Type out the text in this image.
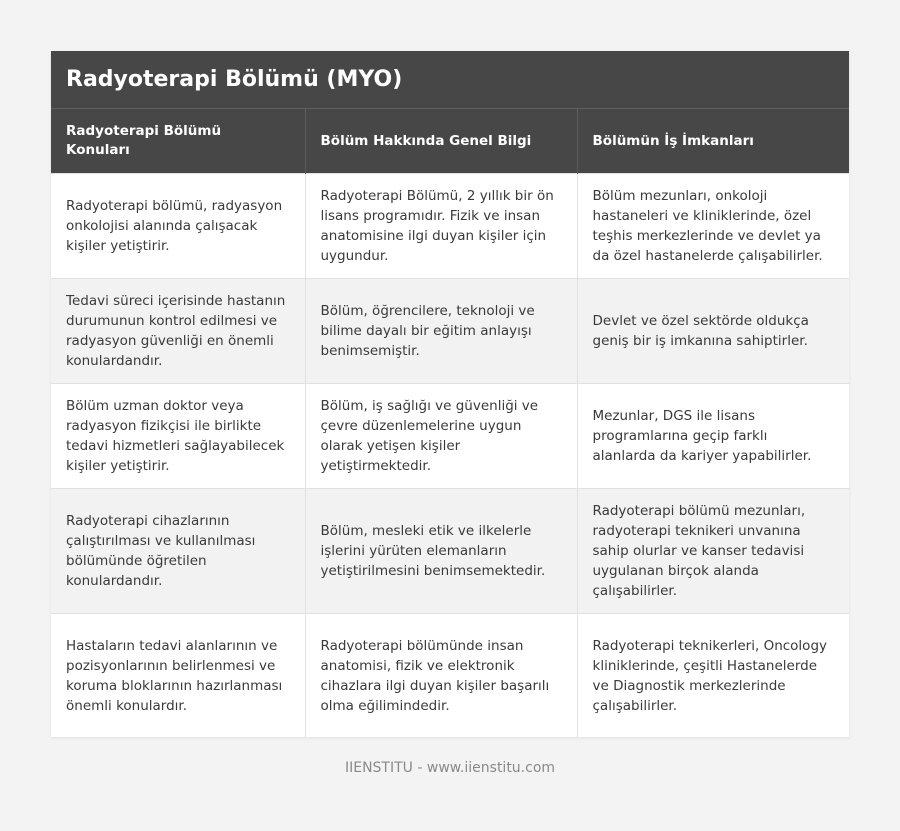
Radyoterapi Bölümü (MYO)
Radyoterapi Bölümü Konuları	Bölüm Hakkında Genel Bilgi	Bölümün İş İmkanları
Radyoterapi bölümü, radyasyon onkolojisi alanında çalışacak kişiler yetiştirir.	Radyoterapi Bölümü, 2 yıllık bir ön lisans programıdır. Fizik ve insan anatomisine ilgi duyan kişiler için uygundur.	Bölüm mezunları, onkoloji hastaneleri ve kliniklerinde, özel teşhis merkezlerinde ve devlet ya da özel hastanelerde çalışabilirler.
Tedavi süreci içerisinde hastanın durumunun kontrol edilmesi ve radyasyon güvenliği en önemli konulardandır.	Bölüm, öğrencilere, teknoloji ve bilime dayalı bir eğitim anlayışı benimsemiştir.	Devlet ve özel sektörde oldukça geniş bir iş imkanına sahiptirler.
Bölüm uzman doktor veya radyasyon fizikçisi ile birlikte tedavi hizmetleri sağlayabilecek kişiler yetiştirir.	Bölüm, iş sağlığı ve güvenliği ve çevre düzenlemelerine uygun olarak yetişen kişiler yetiştirmektedir.	Mezunlar, DGS ile lisans programlarına geçip farklı alanlarda da kariyer yapabilirler.
Radyoterapi cihazlarının çalıştırılması ve kullanılması bölümünde öğretilen konulardandır.	Bölüm, mesleki etik ve ilkelerle işlerini yürüten elemanların yetiştirilmesini benimsemektedir.	Radyoterapi bölümü mezunları, radyoterapi teknikeri unvanına sahip olurlar ve kanser tedavisi uygulanan birçok alanda çalışabilirler.
Hastaların tedavi alanlarının ve pozisyonlarının belirlenmesi ve koruma bloklarının hazırlanması önemli konulardır.	Radyoterapi bölümünde insan anatomisi, fizik ve elektronik cihazlara ilgi duyan kişiler başarılı olma eğilimindedir.	Radyoterapi teknikerleri, Oncology kliniklerinde, çeşitli Hastanelerde ve Diagnostik merkezlerinde çalışabilirler.
IIENSTITU - www.iienstitu.com
